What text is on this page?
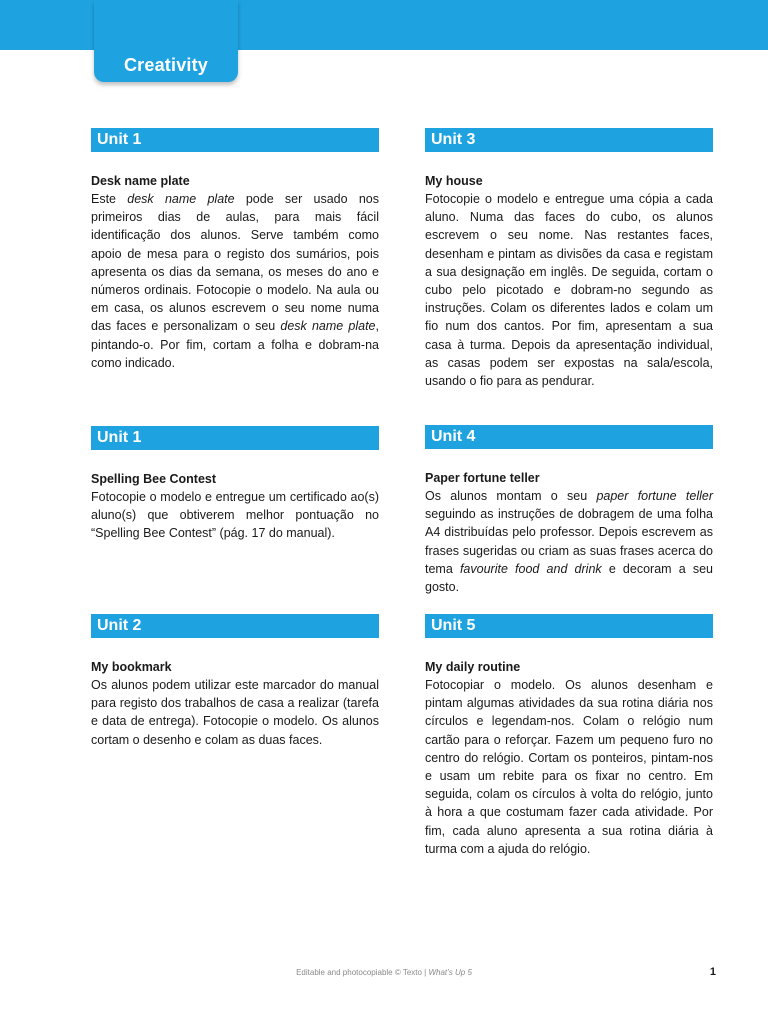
Creativity
Unit 1
Desk name plate
Este desk name plate pode ser usado nos primeiros dias de aulas, para mais fácil identificação dos alunos. Serve também como apoio de mesa para o registo dos sumários, pois apresenta os dias da semana, os meses do ano e números ordinais. Fotocopie o modelo. Na aula ou em casa, os alunos escrevem o seu nome numa das faces e personalizam o seu desk name plate, pintando-o. Por fim, cortam a folha e dobram-na como indicado.
Unit 1
Spelling Bee Contest
Fotocopie o modelo e entregue um certificado ao(s) aluno(s) que obtiverem melhor pontuação no “Spelling Bee Contest” (pág. 17 do manual).
Unit 2
My bookmark
Os alunos podem utilizar este marcador do manual para registo dos trabalhos de casa a realizar (tarefa e data de entrega). Fotocopie o modelo. Os alunos cortam o desenho e colam as duas faces.
Unit 3
My house
Fotocopie o modelo e entregue uma cópia a cada aluno. Numa das faces do cubo, os alunos escrevem o seu nome. Nas restantes faces, desenham e pintam as divisões da casa e registam a sua designação em inglês. De seguida, cortam o cubo pelo picotado e dobram-no segundo as instruções. Colam os diferentes lados e colam um fio num dos cantos. Por fim, apresentam a sua casa à turma. Depois da apresentação individual, as casas podem ser expostas na sala/escola, usando o fio para as pendurar.
Unit 4
Paper fortune teller
Os alunos montam o seu paper fortune teller seguindo as instruções de dobragem de uma folha A4 distribuídas pelo professor. Depois escrevem as frases sugeridas ou criam as suas frases acerca do tema favourite food and drink e decoram a seu gosto.
Unit 5
My daily routine
Fotocopiar o modelo. Os alunos desenham e pintam algumas atividades da sua rotina diária nos círculos e legendam-nos. Colam o relógio num cartão para o reforçar. Fazem um pequeno furo no centro do relógio. Cortam os ponteiros, pintam-nos e usam um rebite para os fixar no centro. Em seguida, colam os círculos à volta do relógio, junto à hora a que costumam fazer cada atividade. Por fim, cada aluno apresenta a sua rotina diária à turma com a ajuda do relógio.
Editable and photocopiable © Texto | What’s Up 5	1
